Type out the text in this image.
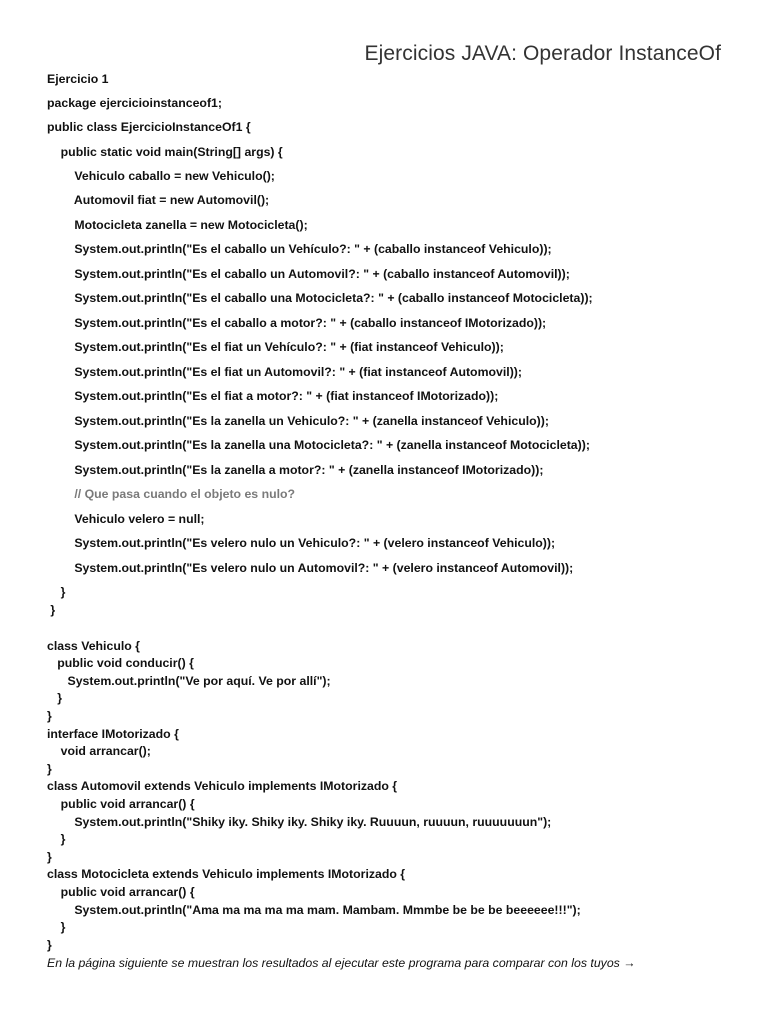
Ejercicios JAVA: Operador InstanceOf
Ejercicio 1
package ejercicioinstanceof1;
public class EjercicioInstanceOf1 {
public static void main(String[] args) {
Vehiculo caballo = new Vehiculo();
Automovil fiat = new Automovil();
Motocicleta zanella = new Motocicleta();
System.out.println("Es el caballo un Vehículo?: " + (caballo instanceof Vehiculo));
System.out.println("Es el caballo un Automovil?: " + (caballo instanceof Automovil));
System.out.println("Es el caballo una Motocicleta?: " + (caballo instanceof Motocicleta));
System.out.println("Es el caballo a motor?: " + (caballo instanceof IMotorizado));
System.out.println("Es el fiat un Vehículo?: " + (fiat instanceof Vehiculo));
System.out.println("Es el fiat un Automovil?: " + (fiat instanceof Automovil));
System.out.println("Es el fiat a motor?: " + (fiat instanceof IMotorizado));
System.out.println("Es la zanella un Vehiculo?: " + (zanella instanceof Vehiculo));
System.out.println("Es la zanella una Motocicleta?: " + (zanella instanceof Motocicleta));
System.out.println("Es la zanella a motor?: " + (zanella instanceof IMotorizado));
// Que pasa cuando el objeto es nulo?
Vehiculo velero = null;
System.out.println("Es velero nulo un Vehiculo?: " + (velero instanceof Vehiculo));
System.out.println("Es velero nulo un Automovil?: " + (velero instanceof Automovil));
}
}
class Vehiculo {
public void conducir() {
System.out.println("Ve por aquí. Ve por allí");
}
}
interface IMotorizado {
void arrancar();
}
class Automovil extends Vehiculo implements IMotorizado {
public void arrancar() {
System.out.println("Shiky iky. Shiky iky. Shiky iky. Ruuuun, ruuuun, ruuuuuuun");
}
}
class Motocicleta extends Vehiculo implements IMotorizado {
public void arrancar() {
System.out.println("Ama ma ma ma ma mam. Mambam. Mmmbe be be be beeeeee!!!");
}
}
En la página siguiente se muestran los resultados al ejecutar este programa para comparar con los tuyos →
